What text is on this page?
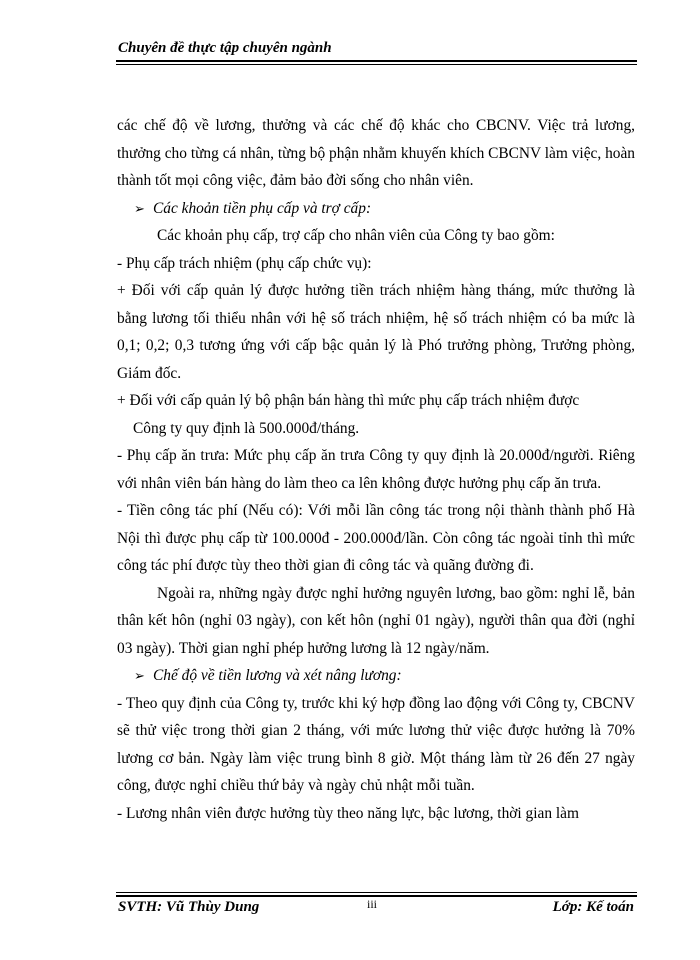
Chuyên đề thực tập chuyên ngành

các chế độ về lương, thưởng và các chế độ khác cho CBCNV. Việc trả lương, thưởng cho từng cá nhân, từng bộ phận nhằm khuyến khích CBCNV làm việc, hoàn thành tốt mọi công việc, đảm bảo đời sống cho nhân viên.

➢ Các khoản tiền phụ cấp và trợ cấp:

Các khoản phụ cấp, trợ cấp cho nhân viên của Công ty bao gồm:

- Phụ cấp trách nhiệm (phụ cấp chức vụ):

+ Đối với cấp quản lý được hưởng tiền trách nhiệm hàng tháng, mức thưởng là bằng lương tối thiểu nhân với hệ số trách nhiệm, hệ số trách nhiệm có ba mức là 0,1; 0,2; 0,3 tương ứng với cấp bậc quản lý là Phó trưởng phòng, Trưởng phòng, Giám đốc.

+ Đối với cấp quản lý bộ phận bán hàng thì mức phụ cấp trách nhiệm được

Công ty quy định là 500.000đ/tháng.

- Phụ cấp ăn trưa: Mức phụ cấp ăn trưa Công ty quy định là 20.000đ/người. Riêng với nhân viên bán hàng do làm theo ca lên không được hưởng phụ cấp ăn trưa.

- Tiền công tác phí (Nếu có): Với mỗi lần công tác trong nội thành thành phố Hà Nội thì được phụ cấp từ 100.000đ - 200.000đ/lần. Còn công tác ngoài tỉnh thì mức công tác phí được tùy theo thời gian đi công tác và quãng đường đi.

Ngoài ra, những ngày được nghỉ hưởng nguyên lương, bao gồm: nghỉ lễ, bản thân kết hôn (nghỉ 03 ngày), con kết hôn (nghỉ 01 ngày), người thân qua đời (nghỉ 03 ngày). Thời gian nghỉ phép hưởng lương là 12 ngày/năm.

➢ Chế độ về tiền lương và xét nâng lương:

- Theo quy định của Công ty, trước khi ký hợp đồng lao động với Công ty, CBCNV sẽ thử việc trong thời gian 2 tháng, với mức lương thử việc được hưởng là 70% lương cơ bản. Ngày làm việc trung bình 8 giờ. Một tháng làm từ 26 đến 27 ngày công, được nghỉ chiều thứ bảy và ngày chủ nhật mỗi tuần.

- Lương nhân viên được hưởng tùy theo năng lực, bậc lương, thời gian làm

SVTH: Vũ Thùy Dung	iii	Lớp: Kế toán
